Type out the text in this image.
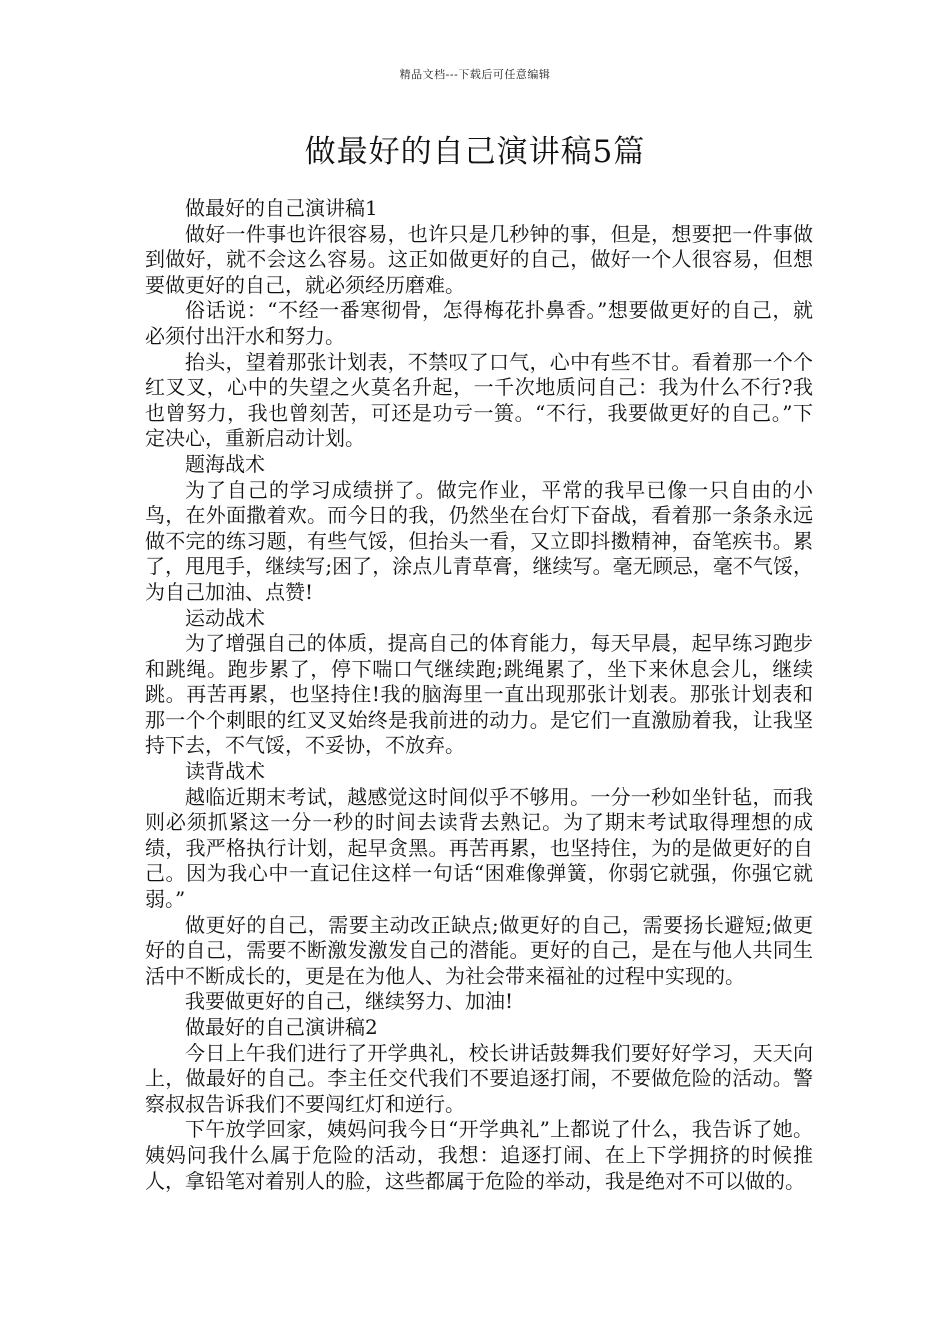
精品文档---下载后可任意编辑
做最好的自己演讲稿5篇

做最好的自己演讲稿1

做好一件事也许很容易，也许只是几秒钟的事，但是，想要把一件事做到做好，就不会这么容易。这正如做更好的自己，做好一个人很容易，但想要做更好的自己，就必须经历磨难。

俗话说：“不经一番寒彻骨，怎得梅花扑鼻香。”想要做更好的自己，就必须付出汗水和努力。

抬头，望着那张计划表，不禁叹了口气，心中有些不甘。看着那一个个红叉叉，心中的失望之火莫名升起，一千次地质问自己：我为什么不行?我也曾努力，我也曾刻苦，可还是功亏一篑。“不行，我要做更好的自己。”下定决心，重新启动计划。

题海战术

为了自己的学习成绩拼了。做完作业，平常的我早已像一只自由的小鸟，在外面撒着欢。而今日的我，仍然坐在台灯下奋战，看着那一条条永远做不完的练习题，有些气馁，但抬头一看，又立即抖擞精神，奋笔疾书。累了，甩甩手，继续写;困了，涂点儿青草膏，继续写。毫无顾忌，毫不气馁，为自己加油、点赞!

运动战术

为了增强自己的体质，提高自己的体育能力，每天早晨，起早练习跑步和跳绳。跑步累了，停下喘口气继续跑;跳绳累了，坐下来休息会儿，继续跳。再苦再累，也坚持住!我的脑海里一直出现那张计划表。那张计划表和那一个个刺眼的红叉叉始终是我前进的动力。是它们一直激励着我，让我坚持下去，不气馁，不妥协，不放弃。

读背战术

越临近期末考试，越感觉这时间似乎不够用。一分一秒如坐针毡，而我则必须抓紧这一分一秒的时间去读背去熟记。为了期末考试取得理想的成绩，我严格执行计划，起早贪黑。再苦再累，也坚持住，为的是做更好的自己。因为我心中一直记住这样一句话“困难像弹簧，你弱它就强，你强它就弱。”

做更好的自己，需要主动改正缺点;做更好的自己，需要扬长避短;做更好的自己，需要不断激发激发自己的潜能。更好的自己，是在与他人共同生活中不断成长的，更是在为他人、为社会带来福祉的过程中实现的。

我要做更好的自己，继续努力、加油!

做最好的自己演讲稿2

今日上午我们进行了开学典礼，校长讲话鼓舞我们要好好学习，天天向上，做最好的自己。李主任交代我们不要追逐打闹，不要做危险的活动。警察叔叔告诉我们不要闯红灯和逆行。

下午放学回家，姨妈问我今日“开学典礼”上都说了什么，我告诉了她。姨妈问我什么属于危险的活动，我想：追逐打闹、在上下学拥挤的时候推人，拿铅笔对着别人的脸，这些都属于危险的举动，我是绝对不可以做的。
